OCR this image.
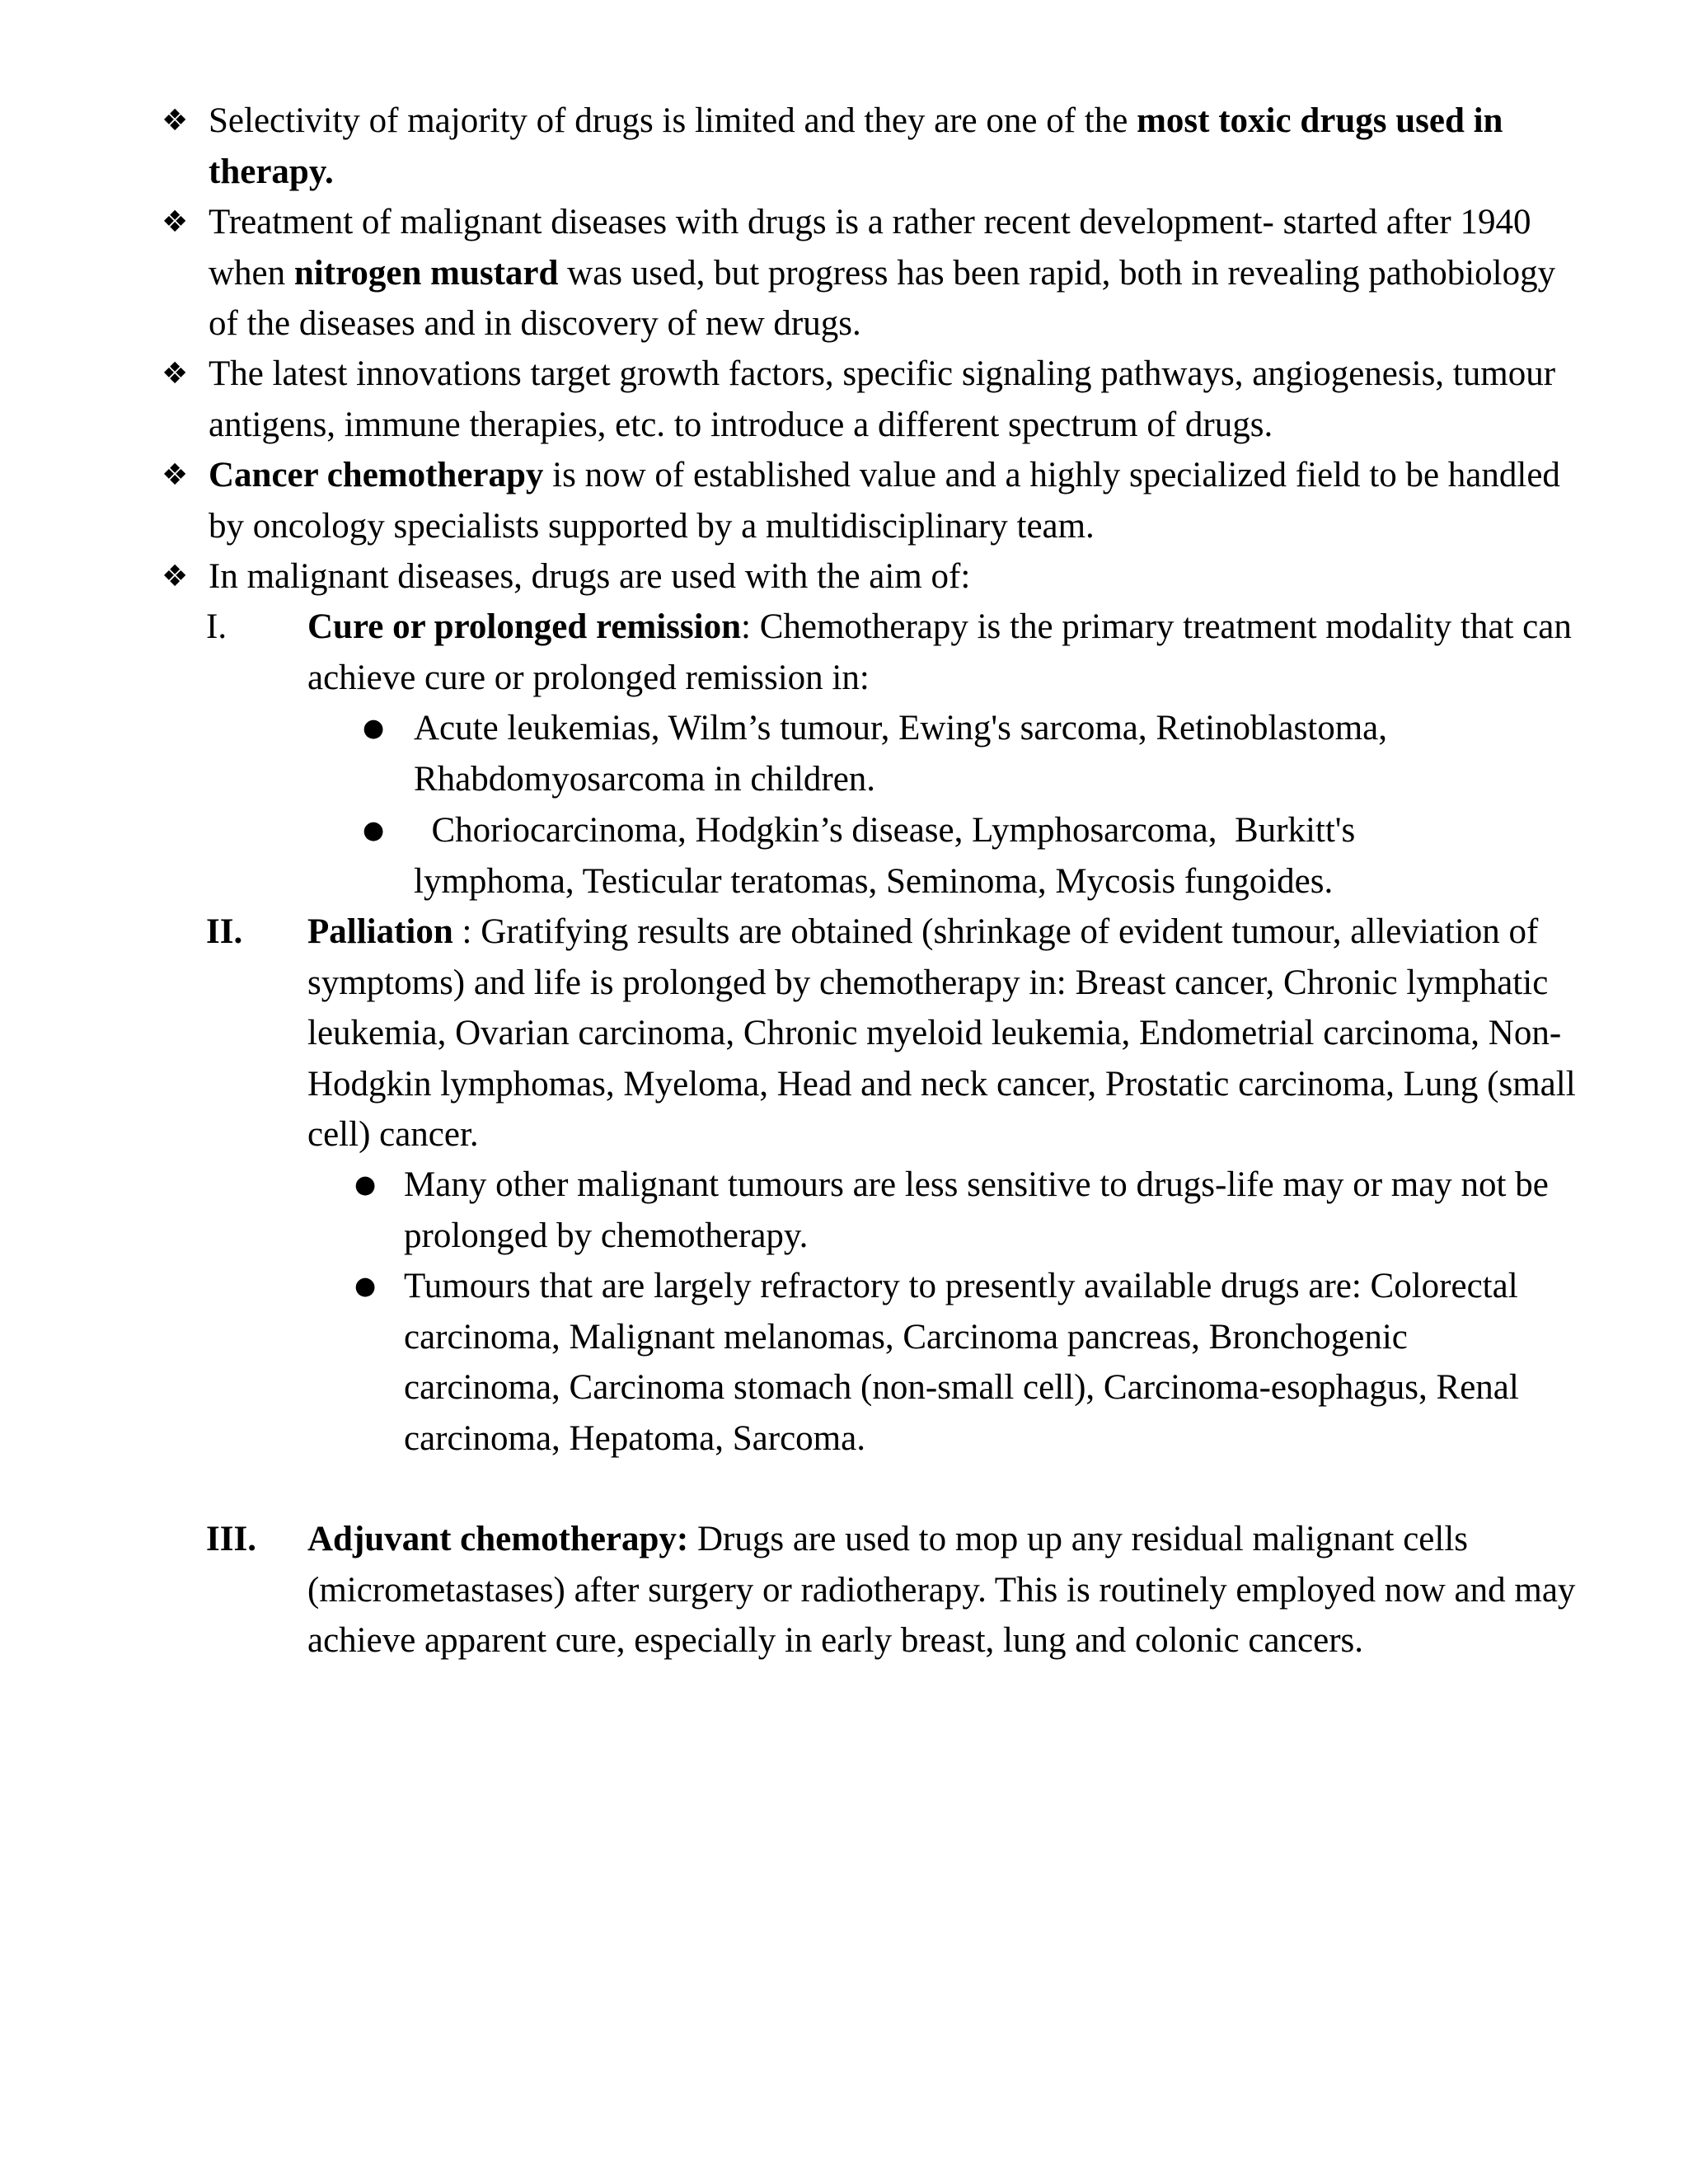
❖ Selectivity of majority of drugs is limited and they are one of the most toxic drugs used in therapy.
❖ Treatment of malignant diseases with drugs is a rather recent development- started after 1940 when nitrogen mustard was used, but progress has been rapid, both in revealing pathobiology of the diseases and in discovery of new drugs.
❖ The latest innovations target growth factors, specific signaling pathways, angiogenesis, tumour antigens, immune therapies, etc. to introduce a different spectrum of drugs.
❖ Cancer chemotherapy is now of established value and a highly specialized field to be handled by oncology specialists supported by a multidisciplinary team.
❖ In malignant diseases, drugs are used with the aim of:
I.	Cure or prolonged remission: Chemotherapy is the primary treatment modality that can achieve cure or prolonged remission in:
● Acute leukemias, Wilm’s tumour, Ewing's sarcoma, Retinoblastoma, Rhabdomyosarcoma in children.
● Choriocarcinoma, Hodgkin’s disease, Lymphosarcoma,  Burkitt's lymphoma, Testicular teratomas, Seminoma, Mycosis fungoides.
II.	Palliation : Gratifying results are obtained (shrinkage of evident tumour, alleviation of symptoms) and life is prolonged by chemotherapy in: Breast cancer, Chronic lymphatic leukemia, Ovarian carcinoma, Chronic myeloid leukemia, Endometrial carcinoma, Non-Hodgkin lymphomas, Myeloma, Head and neck cancer, Prostatic carcinoma, Lung (small cell) cancer.
● Many other malignant tumours are less sensitive to drugs-life may or may not be prolonged by chemotherapy.
● Tumours that are largely refractory to presently available drugs are: Colorectal carcinoma, Malignant melanomas, Carcinoma pancreas, Bronchogenic carcinoma, Carcinoma stomach (non-small cell), Carcinoma-esophagus, Renal carcinoma, Hepatoma, Sarcoma.
III.	Adjuvant chemotherapy: Drugs are used to mop up any residual malignant cells (micrometastases) after surgery or radiotherapy. This is routinely employed now and may achieve apparent cure, especially in early breast, lung and colonic cancers.
